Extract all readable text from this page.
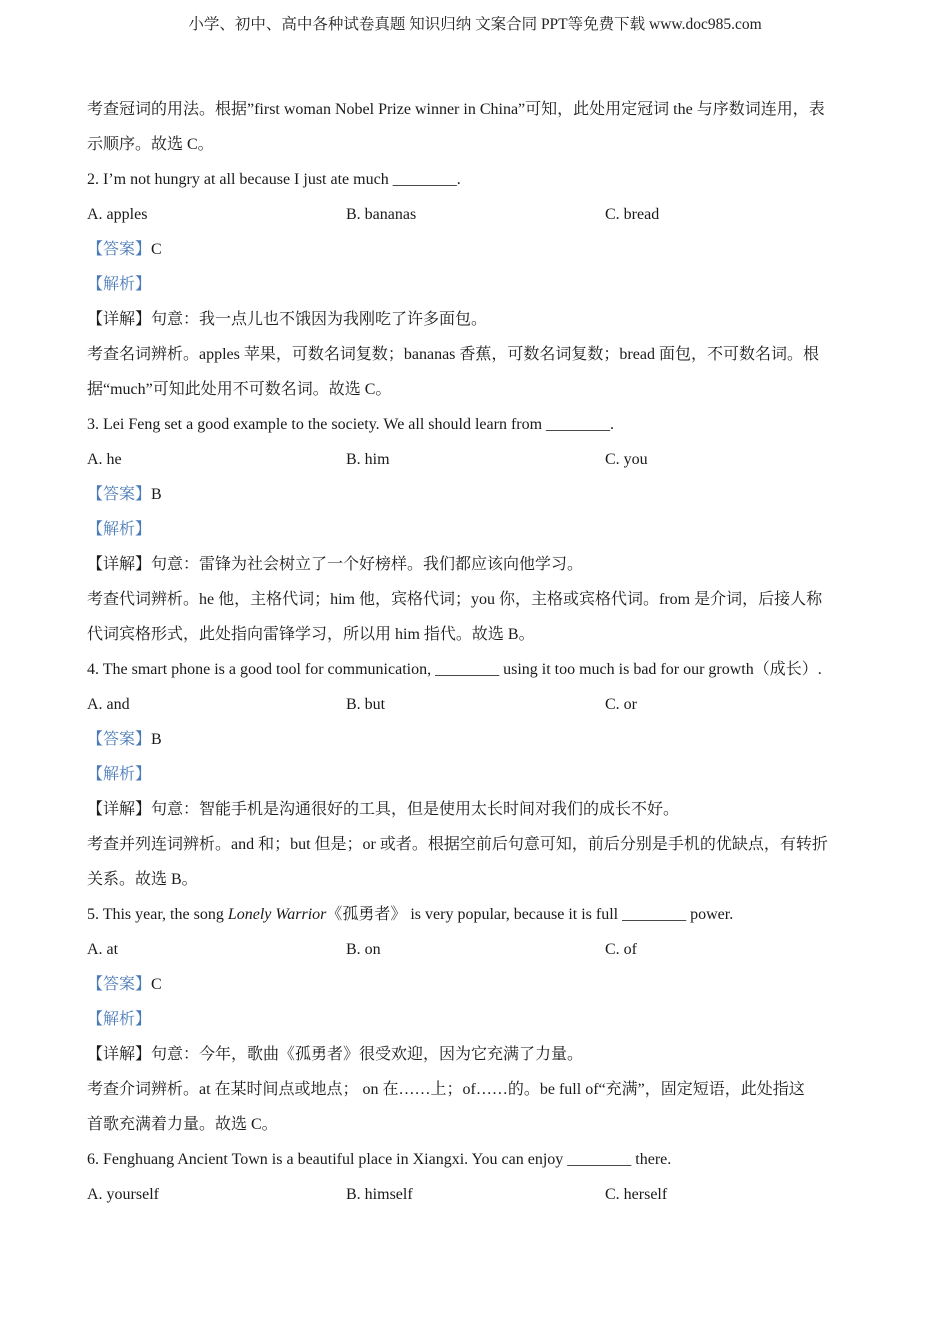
小学、初中、高中各种试卷真题 知识归纳 文案合同 PPT等免费下载 www.doc985.com
考查冠词的用法。根据”first woman Nobel Prize winner in China”可知，此处用定冠词 the 与序数词连用，表
示顺序。故选 C。
2. I’m not hungry at all because I just ate much ________.
A. apples	B. bananas	C. bread
【答案】C
【解析】
【详解】句意：我一点儿也不饿因为我刚吃了许多面包。
考查名词辨析。apples 苹果，可数名词复数；bananas 香蕉，可数名词复数；bread 面包，不可数名词。根
据“much”可知此处用不可数名词。故选 C。
3. Lei Feng set a good example to the society. We all should learn from ________.
A. he	B. him	C. you
【答案】B
【解析】
【详解】句意：雷锋为社会树立了一个好榜样。我们都应该向他学习。
考查代词辨析。he 他，主格代词；him 他，宾格代词；you 你，主格或宾格代词。from 是介词，后接人称
代词宾格形式，此处指向雷锋学习，所以用 him 指代。故选 B。
4. The smart phone is a good tool for communication, ________ using it too much is bad for our growth（成长）.
A. and	B. but	C. or
【答案】B
【解析】
【详解】句意：智能手机是沟通很好的工具，但是使用太长时间对我们的成长不好。
考查并列连词辨析。and 和；but 但是；or 或者。根据空前后句意可知，前后分别是手机的优缺点，有转折
关系。故选 B。
5. This year, the song Lonely Warrior《孤勇者》 is very popular, because it is full ________ power.
A. at	B. on	C. of
【答案】C
【解析】
【详解】句意：今年，歌曲《孤勇者》很受欢迎，因为它充满了力量。
考查介词辨析。at 在某时间点或地点； on 在……上；of……的。be full of“充满”，固定短语，此处指这
首歌充满着力量。故选 C。
6. Fenghuang Ancient Town is a beautiful place in Xiangxi. You can enjoy ________ there.
A. yourself	B. himself	C. herself
